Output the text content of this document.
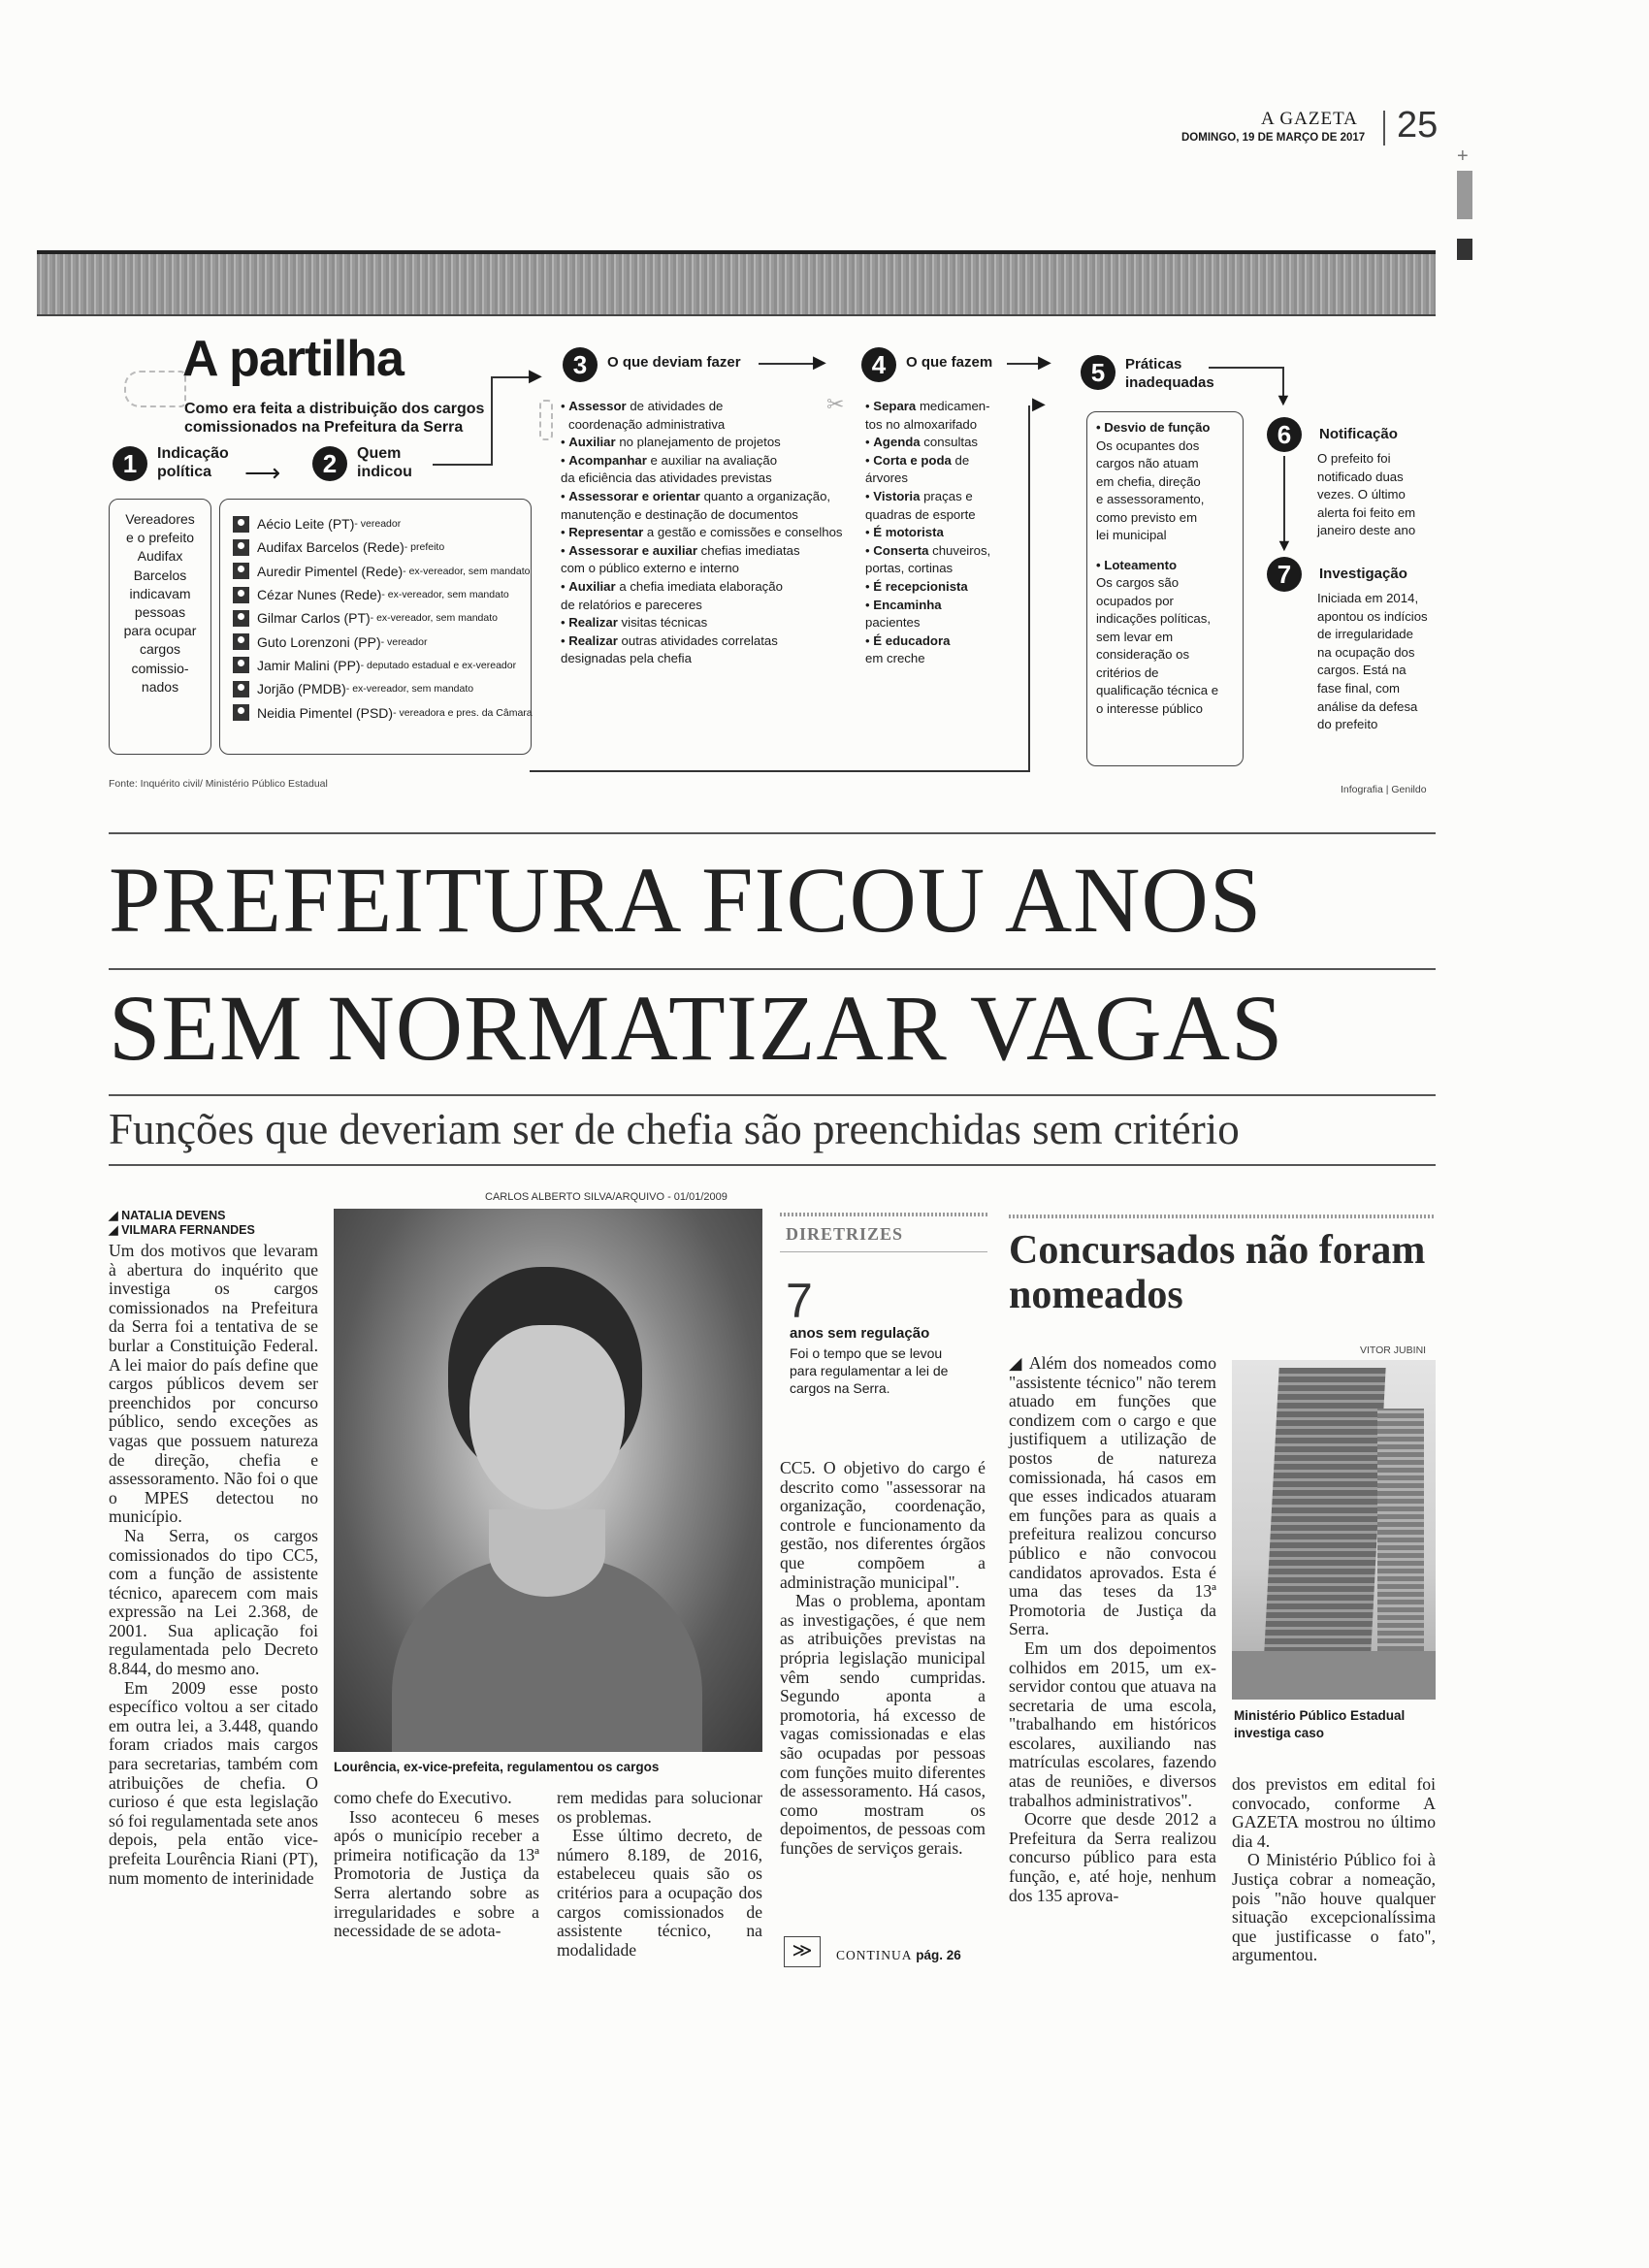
A GAZETA
DOMINGO, 19 DE MARÇO DE 2017 25
+
A partilha
Como era feita a distribuição dos cargos comissionados na Prefeitura da Serra
1	Indicação
política	⟶	2	Quem
indicou
Vereadores
e o prefeito
Audifax
Barcelos
indicavam
pessoas
para ocupar
cargos
comissio-
nados
Aécio Leite (PT) - vereador
Audifax Barcelos (Rede) - prefeito
Auredir Pimentel (Rede) - ex-vereador, sem mandato
Cézar Nunes (Rede) - ex-vereador, sem mandato
Gilmar Carlos (PT) - ex-vereador, sem mandato
Guto Lorenzoni (PP) - vereador
Jamir Malini (PP) - deputado estadual e ex-vereador
Jorjão (PMDB) - ex-vereador, sem mandato
Neidia Pimentel (PSD) - vereadora e pres. da Câmara
▶	3	O que deviam fazer	▶
• Assessor de atividades de
coordenação administrativa
• Auxiliar no planejamento de projetos
• Acompanhar e auxiliar na avaliação
da eficiência das atividades previstas
• Assessorar e orientar quanto a organização,
manutenção e destinação de documentos
• Representar a gestão e comissões e conselhos
• Assessorar e auxiliar chefias imediatas
com o público externo e interno
• Auxiliar a chefia imediata elaboração
de relatórios e pareceres
• Realizar visitas técnicas
• Realizar outras atividades correlatas
designadas pela chefia
4	O que fazem	▶
✂ • Separa medicamen-
tos no almoxarifado
• Agenda consultas
• Corta e poda de
árvores
• Vistoria praças e
quadras de esporte
• É motorista
• Conserta chuveiros,
portas, cortinas
• É recepcionista
• Encaminha
pacientes
• É educadora
em creche
▶
5	Práticas
inadequadas
▼
• Desvio de função
Os ocupantes dos
cargos não atuam
em chefia, direção
e assessoramento,
como previsto em
lei municipal
• Loteamento
Os cargos são
ocupados por
indicações políticas,
sem levar em
consideração os
critérios de
qualificação técnica e
o interesse público
6	Notificação
O prefeito foi
notificado duas
vezes. O último
alerta foi feito em
janeiro deste ano
▼
7	Investigação
Iniciada em 2014,
apontou os indícios
de irregularidade
na ocupação dos
cargos. Está na
fase final, com
análise da defesa
do prefeito
Fonte: Inquérito civil/ Ministério Público Estadual	Infografia | Genildo
PREFEITURA FICOU ANOS
SEM NORMATIZAR VAGAS
Funções que deveriam ser de chefia são preenchidas sem critério
◢ NATALIA DEVENS
◢ VILMARA FERNANDES

Um dos motivos que levaram à abertura do inquérito que investiga os cargos comissionados na Prefeitura da Serra foi a tentativa de se burlar a Constituição Federal. A lei maior do país define que cargos públicos devem ser preenchidos por concurso público, sendo exceções as vagas que possuem natureza de direção, chefia e assessoramento. Não foi o que o MPES detectou no município.

Na Serra, os cargos comissionados do tipo CC5, com a função de assistente técnico, aparecem com mais expressão na Lei 2.368, de 2001. Sua aplicação foi regulamentada pelo Decreto 8.844, do mesmo ano.

Em 2009 esse posto específico voltou a ser citado em outra lei, a 3.448, quando foram criados mais cargos para secretarias, também com atribuições de chefia. O curioso é que esta legislação só foi regulamentada sete anos depois, pela então vice-prefeita Lourência Riani (PT), num momento de interinidade

CARLOS ALBERTO SILVA/ARQUIVO - 01/01/2009
Lourência, ex-vice-prefeita, regulamentou os cargos

como chefe do Executivo.

Isso aconteceu 6 meses após o município receber a primeira notificação da 13ª Promotoria de Justiça da Serra alertando sobre as irregularidades e sobre a necessidade de se adota-

rem medidas para solucionar os problemas.

Esse último decreto, de número 8.189, de 2016, estabeleceu quais são os critérios para a ocupação dos cargos comissionados de assistente técnico, na modalidade

DIRETRIZES
7
anos sem regulação
Foi o tempo que se levou para regulamentar a lei de cargos na Serra.

CC5. O objetivo do cargo é descrito como "assessorar na organização, coordenação, controle e funcionamento da gestão, nos diferentes órgãos que compõem a administração municipal".

Mas o problema, apontam as investigações, é que nem as atribuições previstas na própria legislação municipal vêm sendo cumpridas. Segundo aponta a promotoria, há excesso de vagas comissionadas e elas são ocupadas por pessoas com funções muito diferentes de assessoramento. Há casos, como mostram os depoimentos, de pessoas com funções de serviços gerais.

≫	CONTINUA pág. 26
Concursados não foram nomeados
VITOR JUBINI

◢ Além dos nomeados como "assistente técnico" não terem atuado em funções que condizem com o cargo e que justifiquem a utilização de postos de natureza comissionada, há casos em que esses indicados atuaram em funções para as quais a prefeitura realizou concurso público e não convocou candidatos aprovados. Esta é uma das teses da 13ª Promotoria de Justiça da Serra.

Em um dos depoimentos colhidos em 2015, um ex-servidor contou que atuava na secretaria de uma escola, "trabalhando em históricos escolares, auxiliando nas matrículas escolares, fazendo atas de reuniões, e diversos trabalhos administrativos".

Ocorre que desde 2012 a Prefeitura da Serra realizou concurso público para esta função, e, até hoje, nenhum dos 135 aprova-

Ministério Público Estadual investiga caso

dos previstos em edital foi convocado, conforme A GAZETA mostrou no último dia 4.

O Ministério Público foi à Justiça cobrar a nomeação, pois "não houve qualquer situação excepcionalíssima que justificasse o fato", argumentou.
